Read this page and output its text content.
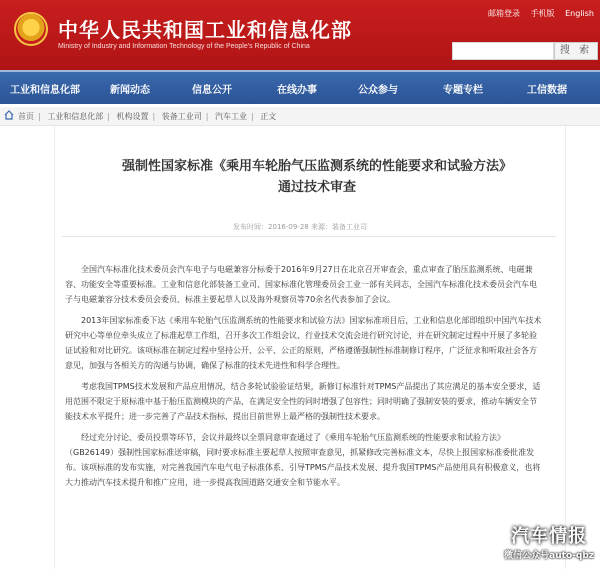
中华人民共和国工业和信息化部
Ministry of Industry and Information Technology of the People's Republic of China
邮箱登录 手机版 English
搜 索
工业和信息化部	新闻动态	信息公开	在线办事	公众参与	专题专栏	工信数据
首页 | 工业和信息化部 | 机构设置 | 装备工业司 | 汽车工业 | 正文
强制性国家标准《乘用车轮胎气压监测系统的性能要求和试验方法》
通过技术审查
发布时间：2016-09-28 来源：装备工业司

全国汽车标准化技术委员会汽车电子与电磁兼容分标委于2016年9月27日在北京召开审查会，重点审查了胎压监测系统、电磁兼容、功能安全等重要标准。工业和信息化部装备工业司、国家标准化管理委员会工业一部有关同志，全国汽车标准化技术委员会汽车电子与电磁兼容分技术委员会委员、标准主要起草人以及海外观察员等70余名代表参加了会议。

2013年国家标准委下达《乘用车轮胎气压监测系统的性能要求和试验方法》国家标准项目后，工业和信息化部即组织中国汽车技术研究中心等单位牵头成立了标准起草工作组，召开多次工作组会议、行业技术交流会进行研究讨论，并在研究制定过程中开展了多轮验证试验和对比研究。该项标准在制定过程中坚持公开、公平、公正的原则，严格遵循强制性标准制修订程序，广泛征求和听取社会各方意见，加强与各相关方的沟通与协调，确保了标准的技术先进性和科学合理性。

考虑我国TPMS技术发展和产品应用情况，结合多轮试验验证结果，新修订标准针对TPMS产品提出了其应满足的基本安全要求，适用范围不限定于原标准中基于胎压监测模块的产品，在满足安全性的同时增强了包容性；同时明确了强制安装的要求，推动车辆安全节能技术水平提升；进一步完善了产品技术指标，提出目前世界上最严格的强制性技术要求。

经过充分讨论、委员投票等环节，会议并最终以全票同意审查通过了《乘用车轮胎气压监测系统的性能要求和试验方法》（GB26149）强制性国家标准送审稿，同时要求标准主要起草人按照审查意见，抓紧修改完善标准文本，尽快上报国家标准委批准发布。该项标准的发布实施，对完善我国汽车电气电子标准体系、引导TPMS产品技术发展、提升我国TPMS产品使用具有积极意义，也将大力推动汽车技术提升和推广应用，进一步提高我国道路交通安全和节能水平。

汽车情报
微信公众号auto-qbz
